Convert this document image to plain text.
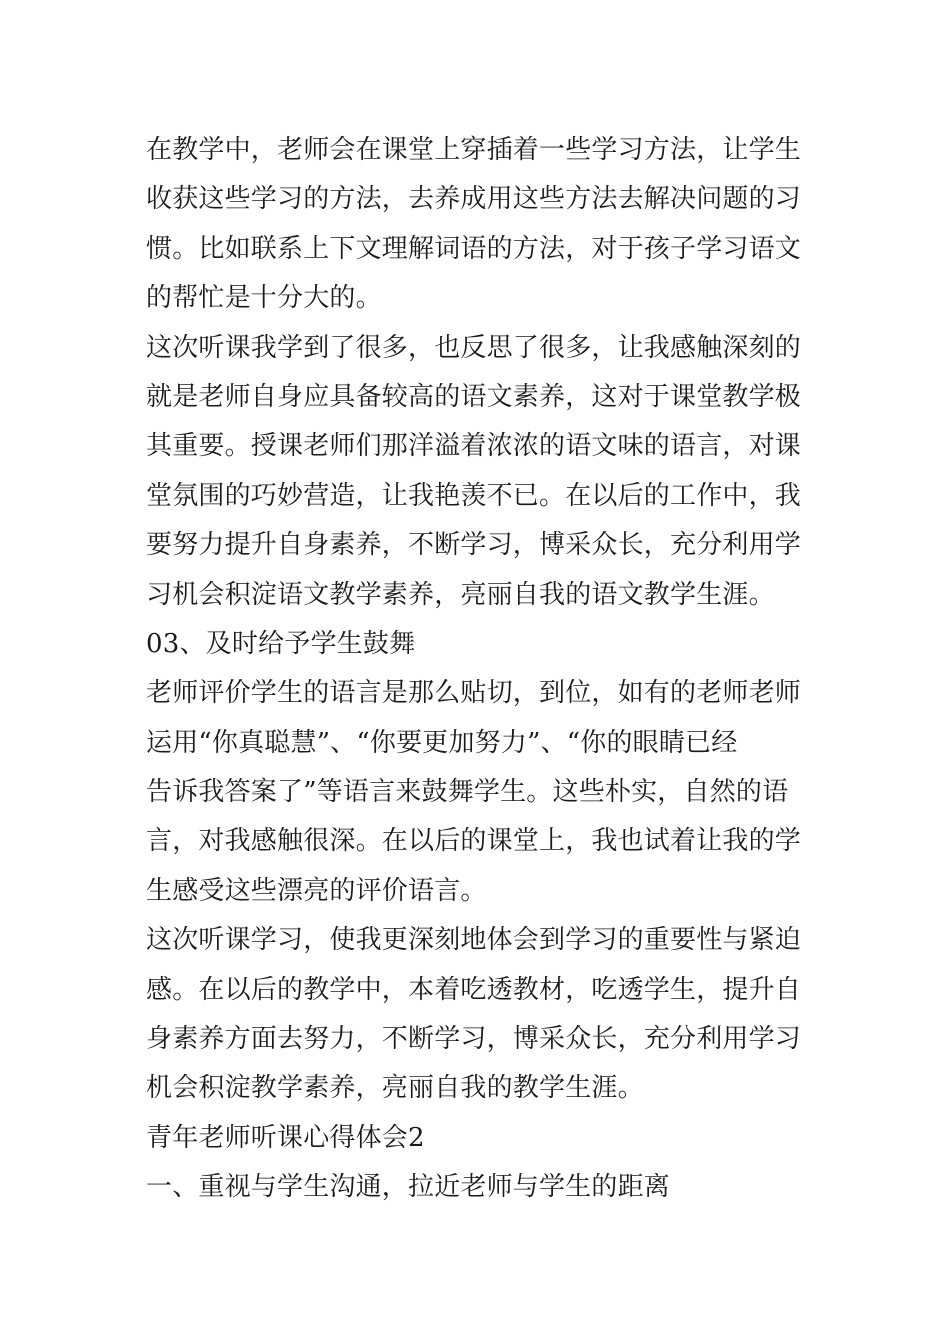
在教学中，老师会在课堂上穿插着一些学习方法，让学生
收获这些学习的方法，去养成用这些方法去解决问题的习
惯。比如联系上下文理解词语的方法，对于孩子学习语文
的帮忙是十分大的。
这次听课我学到了很多，也反思了很多，让我感触深刻的
就是老师自身应具备较高的语文素养，这对于课堂教学极
其重要。授课老师们那洋溢着浓浓的语文味的语言，对课
堂氛围的巧妙营造，让我艳羡不已。在以后的工作中，我
要努力提升自身素养，不断学习，博采众长，充分利用学
习机会积淀语文教学素养，亮丽自我的语文教学生涯。
03、及时给予学生鼓舞
老师评价学生的语言是那么贴切，到位，如有的老师老师
运用“你真聪慧”、“你要更加努力”、“你的眼睛已经
告诉我答案了”等语言来鼓舞学生。这些朴实，自然的语
言，对我感触很深。在以后的课堂上，我也试着让我的学
生感受这些漂亮的评价语言。
这次听课学习，使我更深刻地体会到学习的重要性与紧迫
感。在以后的教学中，本着吃透教材，吃透学生，提升自
身素养方面去努力，不断学习，博采众长，充分利用学习
机会积淀教学素养，亮丽自我的教学生涯。
青年老师听课心得体会2
一、重视与学生沟通，拉近老师与学生的距离
